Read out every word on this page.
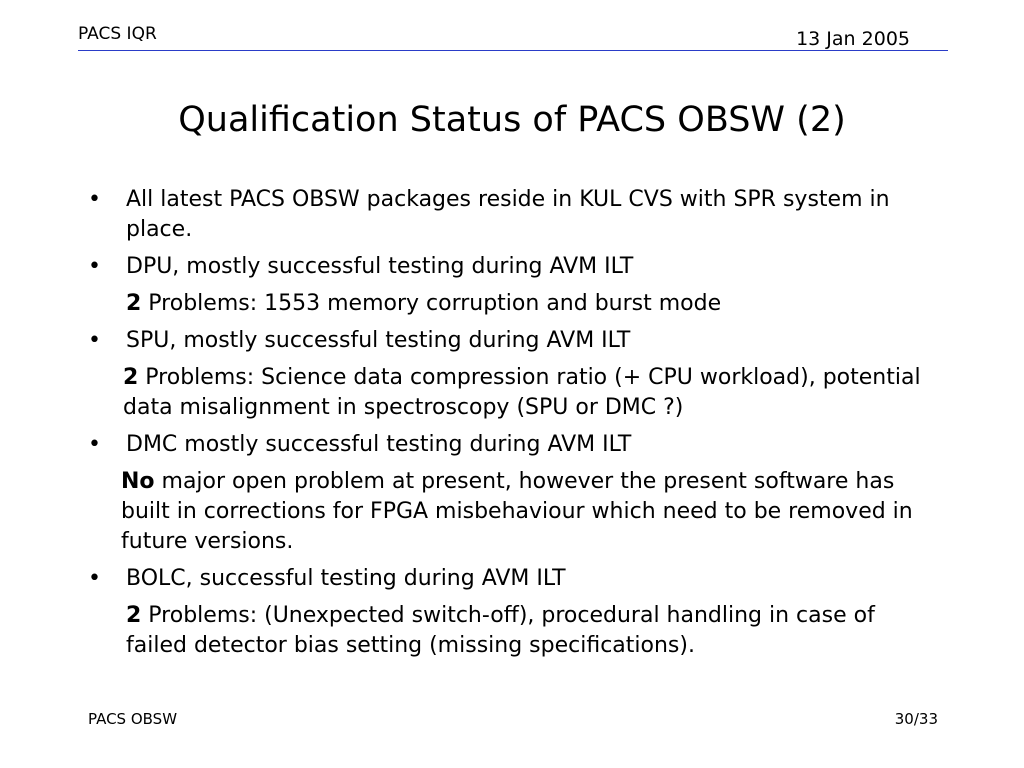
PACS IQR	13 Jan 2005
Qualification Status of PACS OBSW (2)
• All latest PACS OBSW packages reside in KUL CVS with SPR system in place.
• DPU, mostly successful testing during AVM ILT
2 Problems: 1553 memory corruption and burst mode
• SPU, mostly successful testing during AVM ILT
2 Problems: Science data compression ratio (+ CPU workload), potential data misalignment in spectroscopy (SPU or DMC ?)
• DMC mostly successful testing during AVM ILT
No major open problem at present, however the present software has built in corrections for FPGA misbehaviour which need to be removed in future versions.
• BOLC, successful testing during AVM ILT
2 Problems: (Unexpected switch-off), procedural handling in case of failed detector bias setting (missing specifications).
PACS OBSW	30/33
